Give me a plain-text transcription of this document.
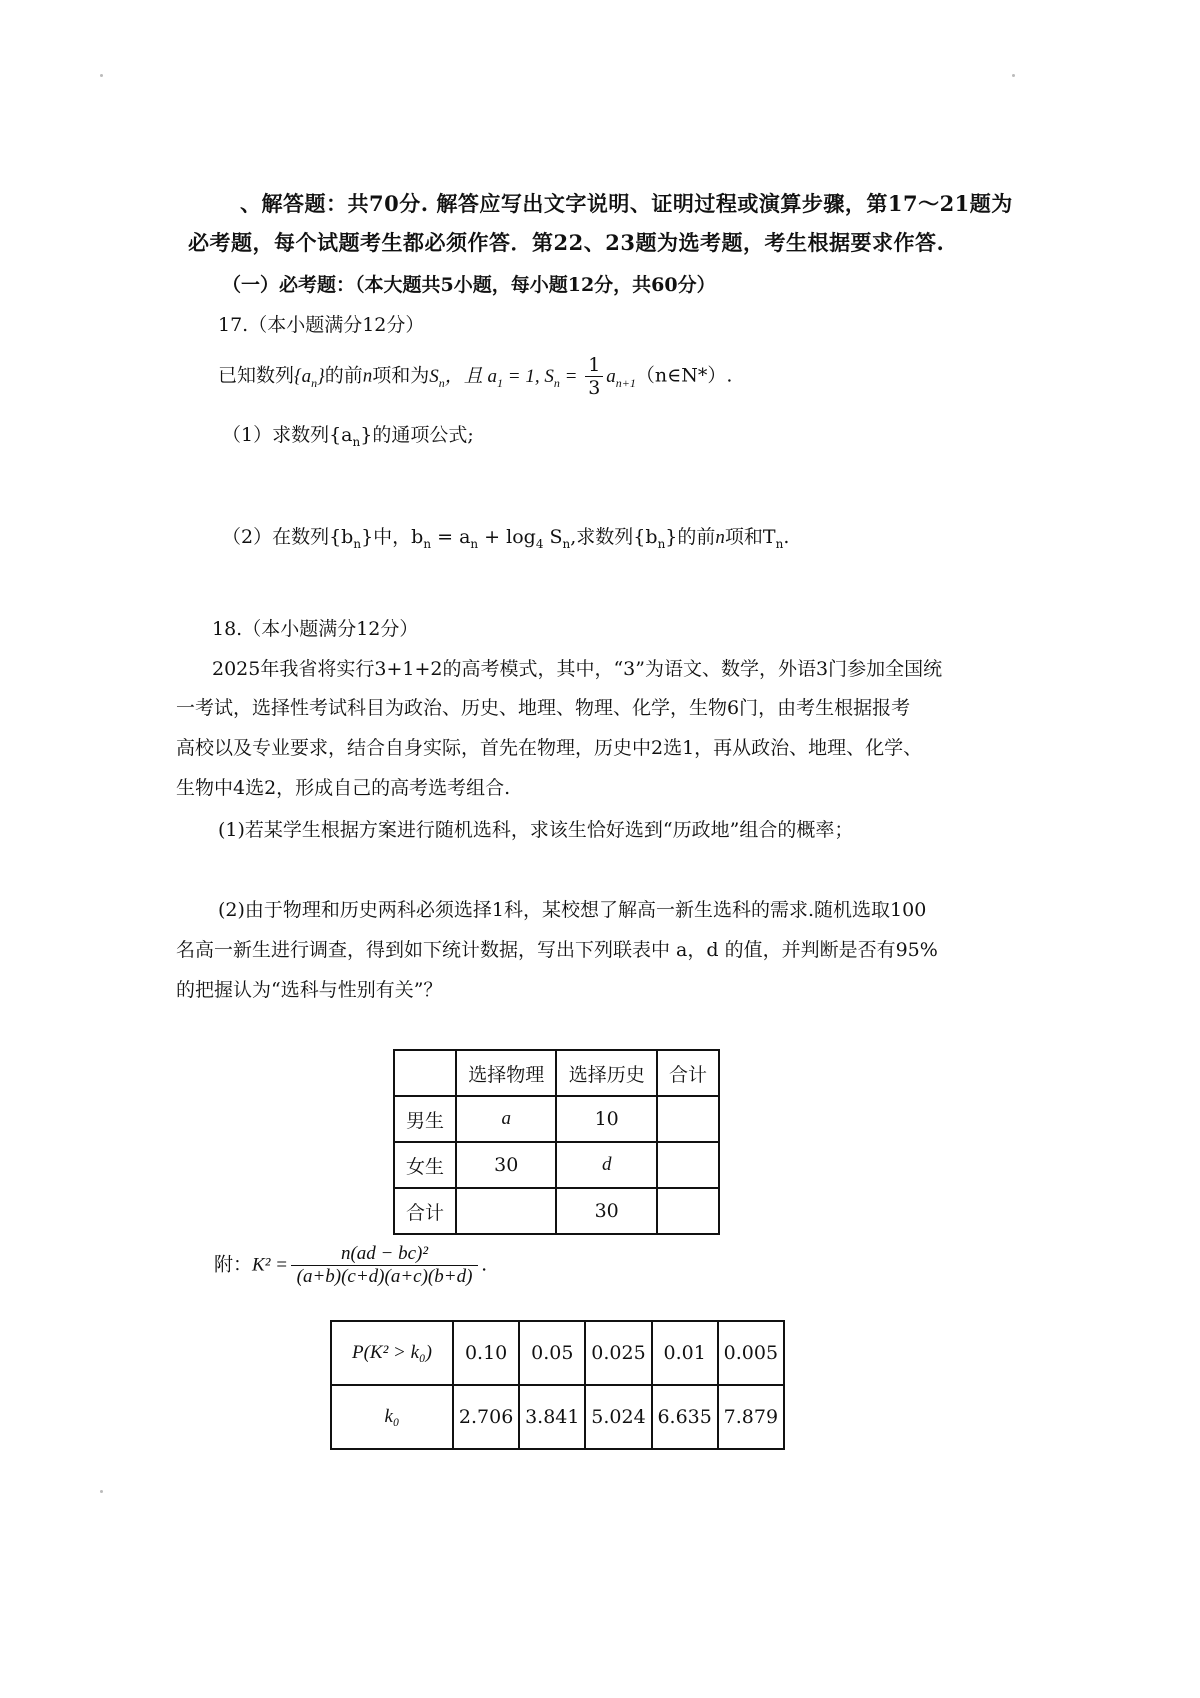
、解答题：共70分. 解答应写出文字说明、证明过程或演算步骤，第17～21题为
必考题，每个试题考生都必须作答．第22、23题为选考题，考生根据要求作答.
（一）必考题：（本大题共5小题，每小题12分，共60分）
17.（本小题满分12分）
已知数列$\{a_n\}$的前n项和为$S_n$，且 $a_1 = 1$, $S_n = \frac{1}{3}$ $a_{n+1}(n\in N*)$.
（1）求数列$\{a_n\}$的通项公式;
（2）在数列$\{b_n\}$中，$b_n = a_n + \log_4 S_n$,求数列$\{b_n\}$的前n项和$T_n$.
18.（本小题满分12分）
2025年我省将实行3+1+2的高考模式，其中，“3”为语文、数学，外语3门参加全国统
一考试，选择性考试科目为政治、历史、地理、物理、化学，生物6门，由考生根据报考
高校以及专业要求，结合自身实际，首先在物理，历史中2选1，再从政治、地理、化学、
生物中4选2，形成自己的高考选考组合.
(1)若某学生根据方案进行随机选科，求该生恰好选到“历政地”组合的概率；
(2)由于物理和历史两科必须选择1科，某校想了解高一新生选科的需求.随机选取100
名高一新生进行调查，得到如下统计数据，写出下列联表中 a，d 的值，并判断是否有95%
的把握认为“选科与性别有关”？
	选择物理	选择历史	合计
男生	a	10	
女生	30	d	
合计		30	
附：$K^2 = \frac{\text{n(ad − bc)²}}{(a+b)(c+d)(a+c)(b+d)}$ .
P(K² > k₀)	0.10	0.05	0.025	0.01	0.005
k₀	2.706	3.841	5.024	6.635	7.879
